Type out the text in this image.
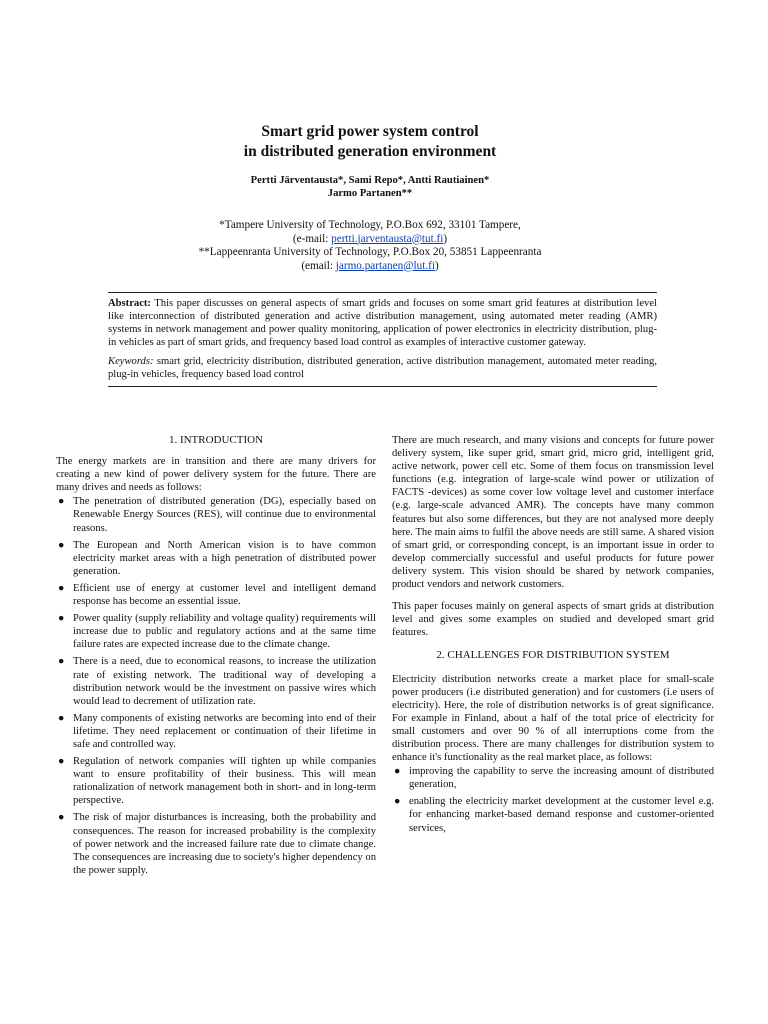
Smart grid power system control
in distributed generation environment
Pertti Järventausta*, Sami Repo*, Antti Rautiainen*
Jarmo Partanen**
*Tampere University of Technology, P.O.Box 692, 33101 Tampere,
(e-mail: pertti.jarventausta@tut.fi)
**Lappeenranta University of Technology, P.O.Box 20, 53851 Lappeenranta
(email: jarmo.partanen@lut.fi)

Abstract: This paper discusses on general aspects of smart grids and focuses on some smart grid features at distribution level like interconnection of distributed generation and active distribution management, using automated meter reading (AMR) systems in network management and power quality monitoring, application of power electronics in electricity distribution, plug-in vehicles as part of smart grids, and frequency based load control as examples of interactive customer gateway.

Keywords: smart grid, electricity distribution, distributed generation, active distribution management, automated meter reading, plug-in vehicles, frequency based load control

1. INTRODUCTION

The energy markets are in transition and there are many drivers for creating a new kind of power delivery system for the future. There are many drives and needs as follows:

● The penetration of distributed generation (DG), especially based on Renewable Energy Sources (RES), will continue due to environmental reasons.
● The European and North American vision is to have common electricity market areas with a high penetration of distributed power generation.
● Efficient use of energy at customer level and intelligent demand response has become an essential issue.
● Power quality (supply reliability and voltage quality) requirements will increase due to public and regulatory actions and at the same time failure rates are expected increase due to the climate change.
● There is a need, due to economical reasons, to increase the utilization rate of existing network. The traditional way of developing a distribution network would be the investment on passive wires which would lead to decrement of utilization rate.
● Many components of existing networks are becoming into end of their lifetime. They need replacement or continuation of their lifetime in safe and controlled way.
● Regulation of network companies will tighten up while companies want to ensure profitability of their business. This will mean rationalization of network management both in short- and in long-term perspective.
● The risk of major disturbances is increasing, both the probability and consequences. The reason for increased probability is the complexity of power network and the increased failure rate due to climate change. The consequences are increasing due to society's higher dependency on the power supply.

There are much research, and many visions and concepts for future power delivery system, like super grid, smart grid, micro grid, intelligent grid, active network, power cell etc. Some of them focus on transmission level functions (e.g. integration of large-scale wind power or utilization of FACTS -devices) as some cover low voltage level and customer interface (e.g. large-scale advanced AMR). The concepts have many common features but also some differences, but they are not analysed more deeply here. The main aims to fulfil the above needs are still same. A shared vision of smart grid, or corresponding concept, is an important issue in order to develop commercially successful and useful products for future power delivery system. This vision should be shared by network companies, product vendors and network customers.

This paper focuses mainly on general aspects of smart grids at distribution level and gives some examples on studied and developed smart grid features.

2. CHALLENGES FOR DISTRIBUTION SYSTEM

Electricity distribution networks create a market place for small-scale power producers (i.e distributed generation) and for customers (i.e users of electricity). Here, the role of distribution networks is of great significance. For example in Finland, about a half of the total price of electricity for small customers and over 90 % of all interruptions come from the distribution process. There are many challenges for distribution system to enhance it's functionality as the real market place, as follows:

● improving the capability to serve the increasing amount of distributed generation,
● enabling the electricity market development at the customer level e.g. for enhancing market-based demand response and customer-oriented services,
